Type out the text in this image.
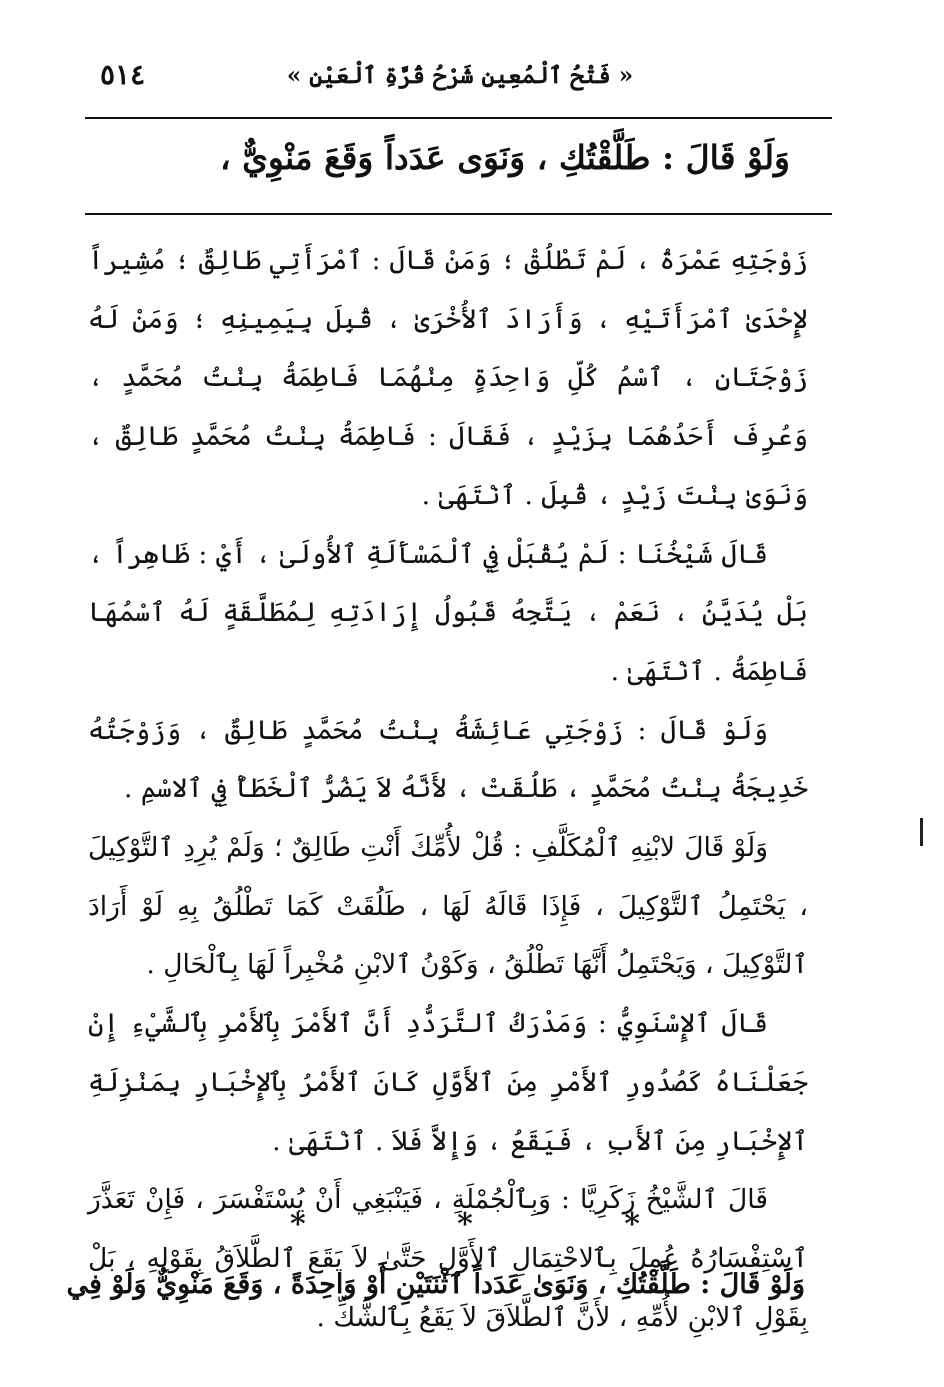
٥١٤	« فَتْحُ ٱلْمُعِينِ شَرْحُ قُرَّةِ ٱلْعَيْنِ »
وَلَوْ قَالَ : طَلَّقْتُكِ ، وَنَوَى عَدَداً وَقَعَ مَنْوِيٌّ ،

زَوْجَتِهِ عَمْرَةُ ، لَمْ تَطْلُقْ ؛ وَمَنْ قَالَ : ٱمْرَأَتِي طَالِقٌ ؛ مُشِيراً لإِحْدَىٰ ٱمْرَأَتَيْهِ ، وَأَرَادَ ٱلأُخْرَىٰ ، قُبِلَ بِيَمِينِهِ ؛ وَمَنْ لَهُ زَوْجَتَانِ ، ٱسْمُ كُلِّ وَاحِدَةٍ مِنْهُمَا فَاطِمَةُ بِنْتُ مُحَمَّدٍ ، وَعُرِفَ أَحَدُهُمَا بِزَيْدٍ ، فَقَالَ : فَاطِمَةُ بِنْتُ مُحَمَّدٍ طَالِقٌ ، وَنَوَىٰ بِنْتَ زَيْدٍ ، قُبِلَ . ٱنْتَهَىٰ .

قَالَ شَيْخُنَا : لَمْ يُقْبَلْ فِي ٱلْمَسْأَلَةِ ٱلأُولَىٰ ، أَيْ : ظَاهِراً ، بَلْ يُدَيَّنُ ، نَعَمْ ، يَتَّجِهُ قَبُولُ إِرَادَتِهِ لِمُطَلَّقَةٍ لَهُ ٱسْمُهَا فَاطِمَةُ . ٱنْتَهَىٰ .

وَلَوْ قَالَ : زَوْجَتِي عَائِشَةُ بِنْتُ مُحَمَّدٍ طَالِقٌ ، وَزَوْجَتُهُ خَدِيجَةُ بِنْتُ مُحَمَّدٍ ، طَلُقَتْ ، لأَنَّهُ لاَ يَضُرُّ ٱلْخَطَأُ فِي ٱلاسْمِ .

وَلَوْ قَالَ لابْنِهِ ٱلْمُكَلَّفِ : قُلْ لأُمِّكَ أَنْتِ طَالِقٌ ؛ وَلَمْ يُرِدِ ٱلتَّوْكِيلَ ، يَحْتَمِلُ ٱلتَّوْكِيلَ ، فَإِذَا قَالَهُ لَهَا ، طَلُقَتْ كَمَا تَطْلُقُ بِهِ لَوْ أَرَادَ ٱلتَّوْكِيلَ ، وَيَحْتَمِلُ أَنَّهَا تَطْلُقُ ، وَكَوْنُ ٱلابْنِ مُخْبِراً لَهَا بِٱلْحَالِ .

قَالَ ٱلإِسْنَوِيُّ : وَمَدْرَكُ ٱلتَّرَدُّدِ أَنَّ ٱلأَمْرَ بِٱلأَمْرِ بِٱلشَّيْءِ إِنْ جَعَلْنَاهُ كَصُدُورِ ٱلأَمْرِ مِنَ ٱلأَوَّلِ كَانَ ٱلأَمْرُ بِٱلإِخْبَارِ بِمَنْزِلَةِ ٱلإِخْبَارِ مِنَ ٱلأَبِ ، فَيَقَعُ ، وَإِلاَّ فَلاَ . ٱنْتَهَىٰ .

قَالَ ٱلشَّيْخُ زَكَرِيَّا : وَبِٱلْجُمْلَةِ ، فَيَنْبَغِي أَنْ يُسْتَفْسَرَ ، فَإِنْ تَعَذَّرَ ٱسْتِفْسَارُهُ عُمِلَ بِٱلاحْتِمَالِ ٱلأَوَّلِ حَتَّىٰ لاَ يَقَعَ ٱلطَّلاَقُ بِقَوْلِهِ ، بَلْ بِقَوْلِ ٱلابْنِ لأُمِّهِ ، لأَنَّ ٱلطَّلاَقَ لاَ يَقَعُ بِٱلشَّكِّ .

*	*	*
وَلَوْ قَالَ : طَلَّقْتُكِ ، وَنَوَىٰ عَدَداً ٱثْنَتَيْنِ أَوْ وَاحِدَةً ، وَقَعَ مَنْوِيٌّ وَلَوْ فِي
